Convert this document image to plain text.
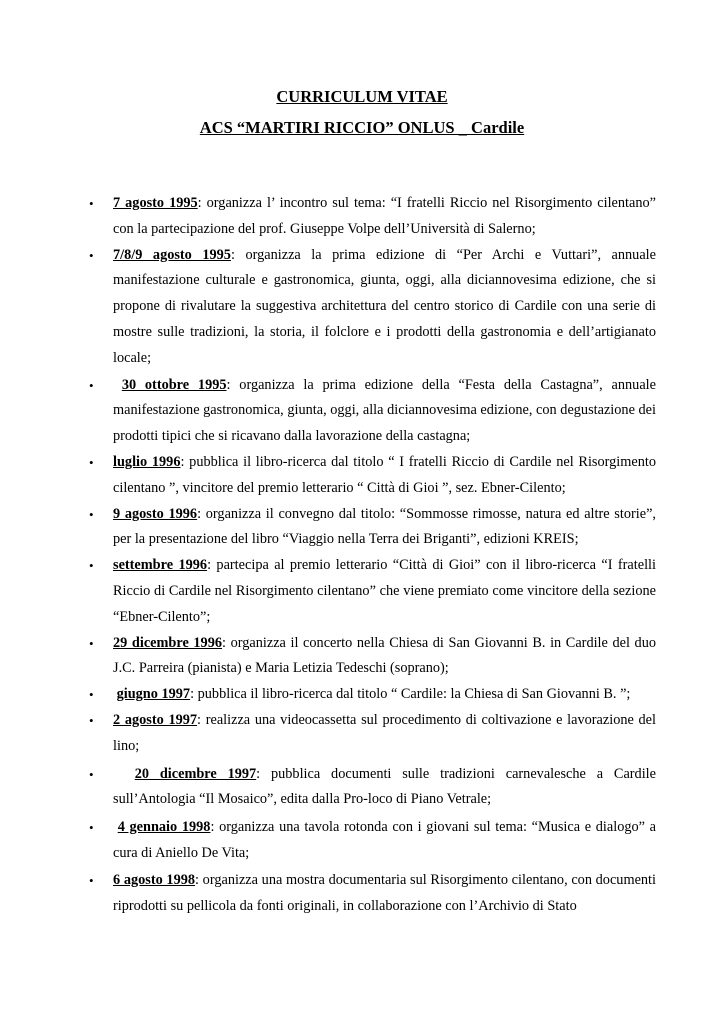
CURRICULUM VITAE
ACS “MARTIRI RICCIO” ONLUS _ Cardile
•	7 agosto 1995: organizza l’ incontro sul tema: “I fratelli Riccio nel Risorgimento cilentano” con la partecipazione del prof. Giuseppe Volpe dell’Università di Salerno;
•	7/8/9 agosto 1995: organizza la prima edizione di “Per Archi e Vuttari”, annuale manifestazione culturale e gastronomica, giunta, oggi, alla diciannovesima edizione, che si propone di rivalutare la suggestiva architettura del centro storico di Cardile con una serie di mostre sulle tradizioni, la storia, il folclore e i prodotti della gastronomia e dell’artigianato locale;
•	30 ottobre 1995: organizza la prima edizione della “Festa della Castagna”, annuale manifestazione gastronomica, giunta, oggi, alla diciannovesima edizione, con degustazione dei prodotti tipici che si ricavano dalla lavorazione della castagna;
•	luglio 1996: pubblica il libro-ricerca dal titolo “ I fratelli Riccio di Cardile nel Risorgimento cilentano ”, vincitore del premio letterario “ Città di Gioi ”, sez. Ebner-Cilento;
•	9 agosto 1996: organizza il convegno dal titolo: “Sommosse rimosse, natura ed altre storie”, per la presentazione del libro “Viaggio nella Terra dei Briganti”, edizioni KREIS;
•	settembre 1996: partecipa al premio letterario “Città di Gioi” con il libro-ricerca “I fratelli Riccio di Cardile nel Risorgimento cilentano” che viene premiato come vincitore della sezione “Ebner-Cilento”;
•	29 dicembre 1996: organizza il concerto nella Chiesa di San Giovanni B. in Cardile del duo J.C. Parreira (pianista) e Maria Letizia Tedeschi (soprano);
•	giugno 1997: pubblica il libro-ricerca dal titolo “ Cardile: la Chiesa di San Giovanni B. ”;
•	2 agosto 1997: realizza una videocassetta sul procedimento di coltivazione e lavorazione del lino;
•	20 dicembre 1997: pubblica documenti sulle tradizioni carnevalesche a Cardile sull’Antologia “Il Mosaico”, edita dalla Pro-loco di Piano Vetrale;
•	4 gennaio 1998: organizza una tavola rotonda con i giovani sul tema: “Musica e dialogo” a cura di Aniello De Vita;
•	6 agosto 1998: organizza una mostra documentaria sul Risorgimento cilentano, con documenti riprodotti su pellicola da fonti originali, in collaborazione con l’Archivio di Stato
